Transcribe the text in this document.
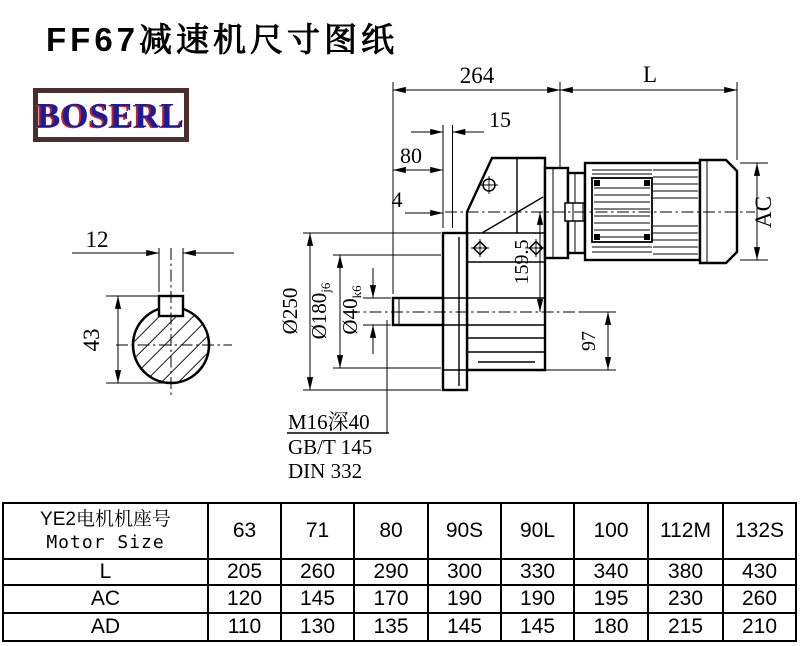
FF67减速机尺寸图纸
BOSERL
12
43
264	L
15
80
4
Ø250 Ø180j6
Ø40k6
159.5
97
AC
M16深40
GB/T 145
DIN 332
YE2电机机座号
Motor Size	63	71	80	90S	90L	100	112M	132S
L	205	260	290	300	330	340	380	430
AC	120	145	170	190	190	195	230	260
AD	110	130	135	145	145	180	215	210
